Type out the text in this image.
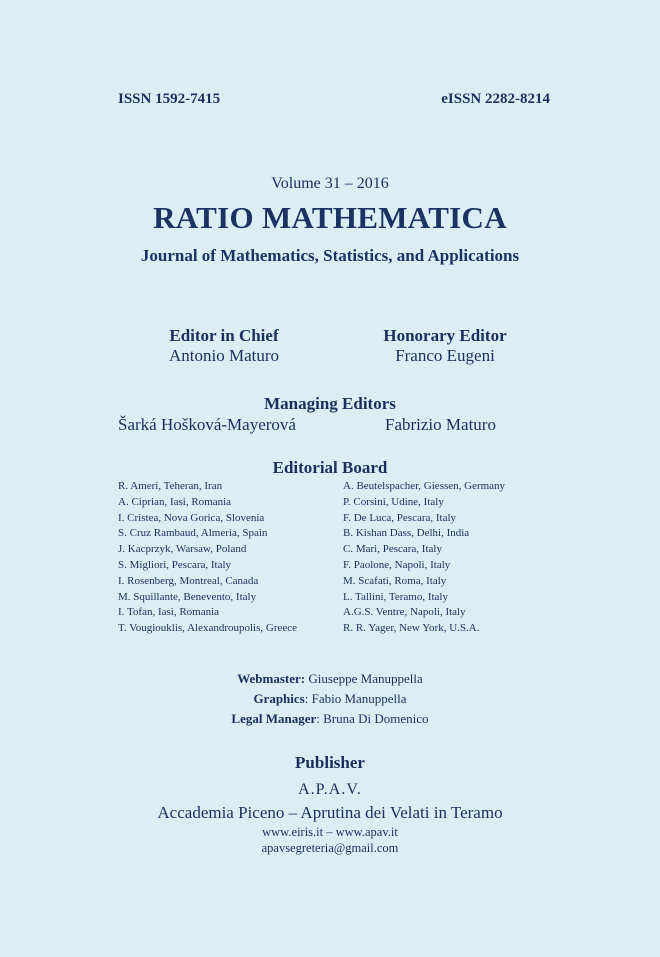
ISSN 1592-7415	eISSN 2282-8214
Volume 31 – 2016
RATIO MATHEMATICA
Journal of Mathematics, Statistics, and Applications
Editor in Chief
Antonio Maturo
Honorary Editor
Franco Eugeni
Managing Editors
Šarká Hošková-Mayerová	Fabrizio Maturo
Editorial Board
R. Ameri, Teheran, Iran
A. Ciprian, Iasi, Romania
I. Cristea, Nova Gorica, Slovenia
S. Cruz Rambaud, Almeria, Spain
J. Kacprzyk, Warsaw, Poland
S. Migliori, Pescara, Italy
I. Rosenberg, Montreal, Canada
M. Squillante, Benevento, Italy
I. Tofan, Iasi, Romania
T. Vougiouklis, Alexandroupolis, Greece
A. Beutelspacher, Giessen, Germany
P. Corsini, Udine, Italy
F. De Luca, Pescara, Italy
B. Kishan Dass, Delhi, India
C. Mari, Pescara, Italy
F. Paolone, Napoli, Italy
M. Scafati, Roma, Italy
L. Tallini, Teramo, Italy
A.G.S. Ventre, Napoli, Italy
R. R. Yager, New York, U.S.A.
Webmaster: Giuseppe Manuppella
Graphics: Fabio Manuppella
Legal Manager: Bruna Di Domenico
Publisher
A.P.A.V.
Accademia Piceno – Aprutina dei Velati in Teramo
www.eiris.it – www.apav.it
apavsegreteria@gmail.com
